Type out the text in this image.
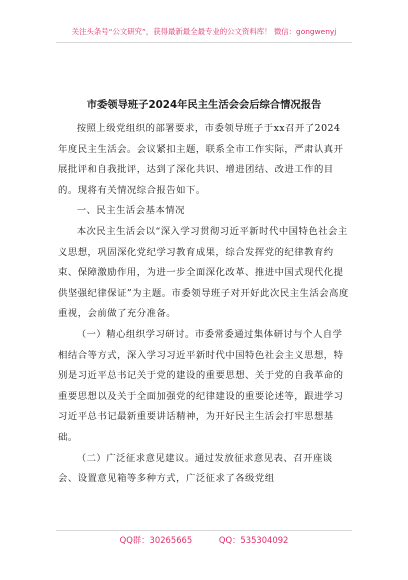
关注头条号“公文研究”，获得最新最全最专业的公文资料库！ 微信：gongwenyj
市委领导班子2024年民主生活会会后综合情况报告

按照上级党组织的部署要求，市委领导班子于xx召开了2024年度民主生活会。会议紧扣主题，联系全市工作实际，严肃认真开展批评和自我批评，达到了深化共识、增进团结、改进工作的目的。现将有关情况综合报告如下。

一、民主生活会基本情况

本次民主生活会以“深入学习贯彻习近平新时代中国特色社会主义思想，巩固深化党纪学习教育成果，综合发挥党的纪律教育约束、保障激励作用，为进一步全面深化改革、推进中国式现代化提供坚强纪律保证”为主题。市委领导班子对开好此次民主生活会高度重视，会前做了充分准备。

（一）精心组织学习研讨。市委常委通过集体研讨与个人自学相结合等方式，深入学习习近平新时代中国特色社会主义思想，特别是习近平总书记关于党的建设的重要思想、关于党的自我革命的重要思想以及关于全面加强党的纪律建设的重要论述等，跟进学习习近平总书记最新重要讲话精神，为开好民主生活会打牢思想基础。

（二）广泛征求意见建议。通过发放征求意见表、召开座谈会、设置意见箱等多种方式，广泛征求了各级党组

QQ群：30265665	QQ：535304092
